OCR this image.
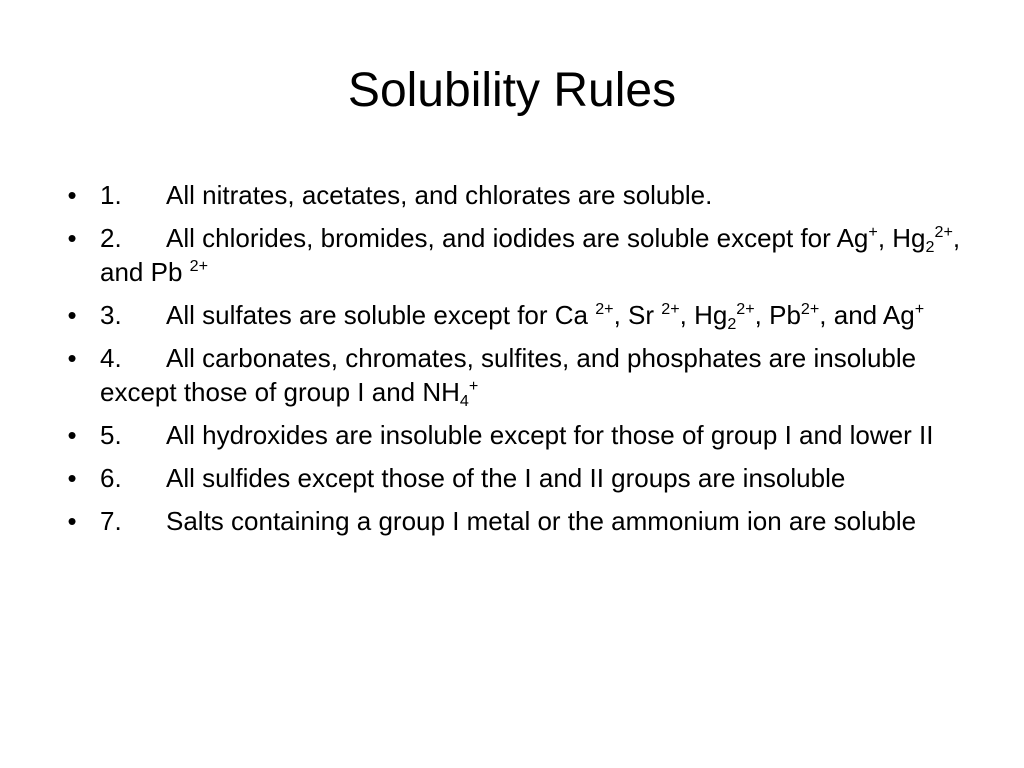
Solubility Rules
• 1. All nitrates, acetates, and chlorates are soluble.
• 2. All chlorides, bromides, and iodides are soluble except for Ag+, $Hg_2^{2+}$, and Pb $^{2+}$
• 3. All sulfates are soluble except for Ca $^{2+}$, Sr $^{2+}$, $Hg_2^{2+}$, $Pb^{2+}$, and Ag+
• 4. All carbonates, chromates, sulfites, and phosphates are insoluble except those of group I and $NH_4^+$
• 5. All hydroxides are insoluble except for those of group I and lower II
• 6. All sulfides except those of the I and II groups are insoluble
• 7. Salts containing a group I metal or the ammonium ion are soluble
